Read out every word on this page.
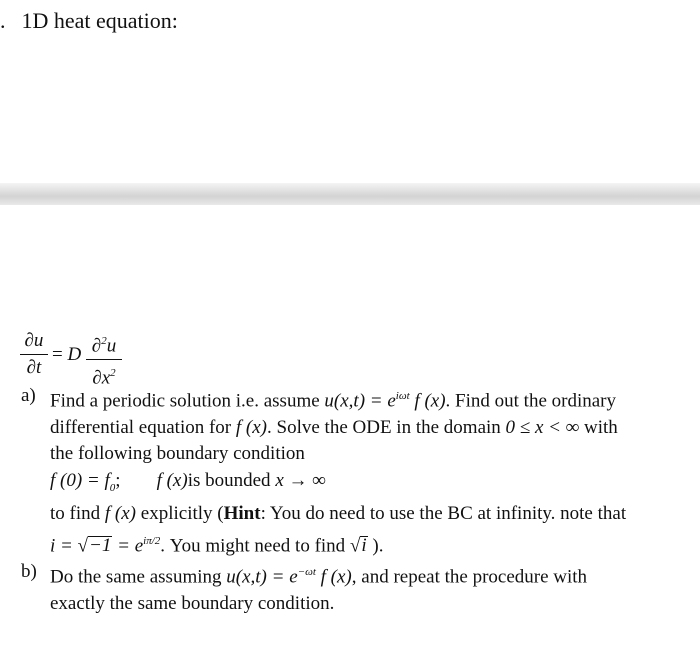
. 1D heat equation:
∂u
∂t
= D ∂$^2$u
$\partial x^2$
a) Find a periodic solution i.e. assume $u(x,t) = e^{i\omega t}$ f (x). Find out the ordinary
differential equation for f (x). Solve the ODE in the domain 0 ≤ x < ∞ with
the following boundary condition
f $(0) = f_0$; f (x)is bounded x → ∞
to find f (x) explicitly (Hint: You do need to use the BC at infinity. note that
$i = √-1 = e^{i\pi/2}$. You might need to find √i ).
b) Do the same assuming $u(x,t) = e^{-\omega t}$ f (x), and repeat the procedure with
exactly the same boundary condition.
